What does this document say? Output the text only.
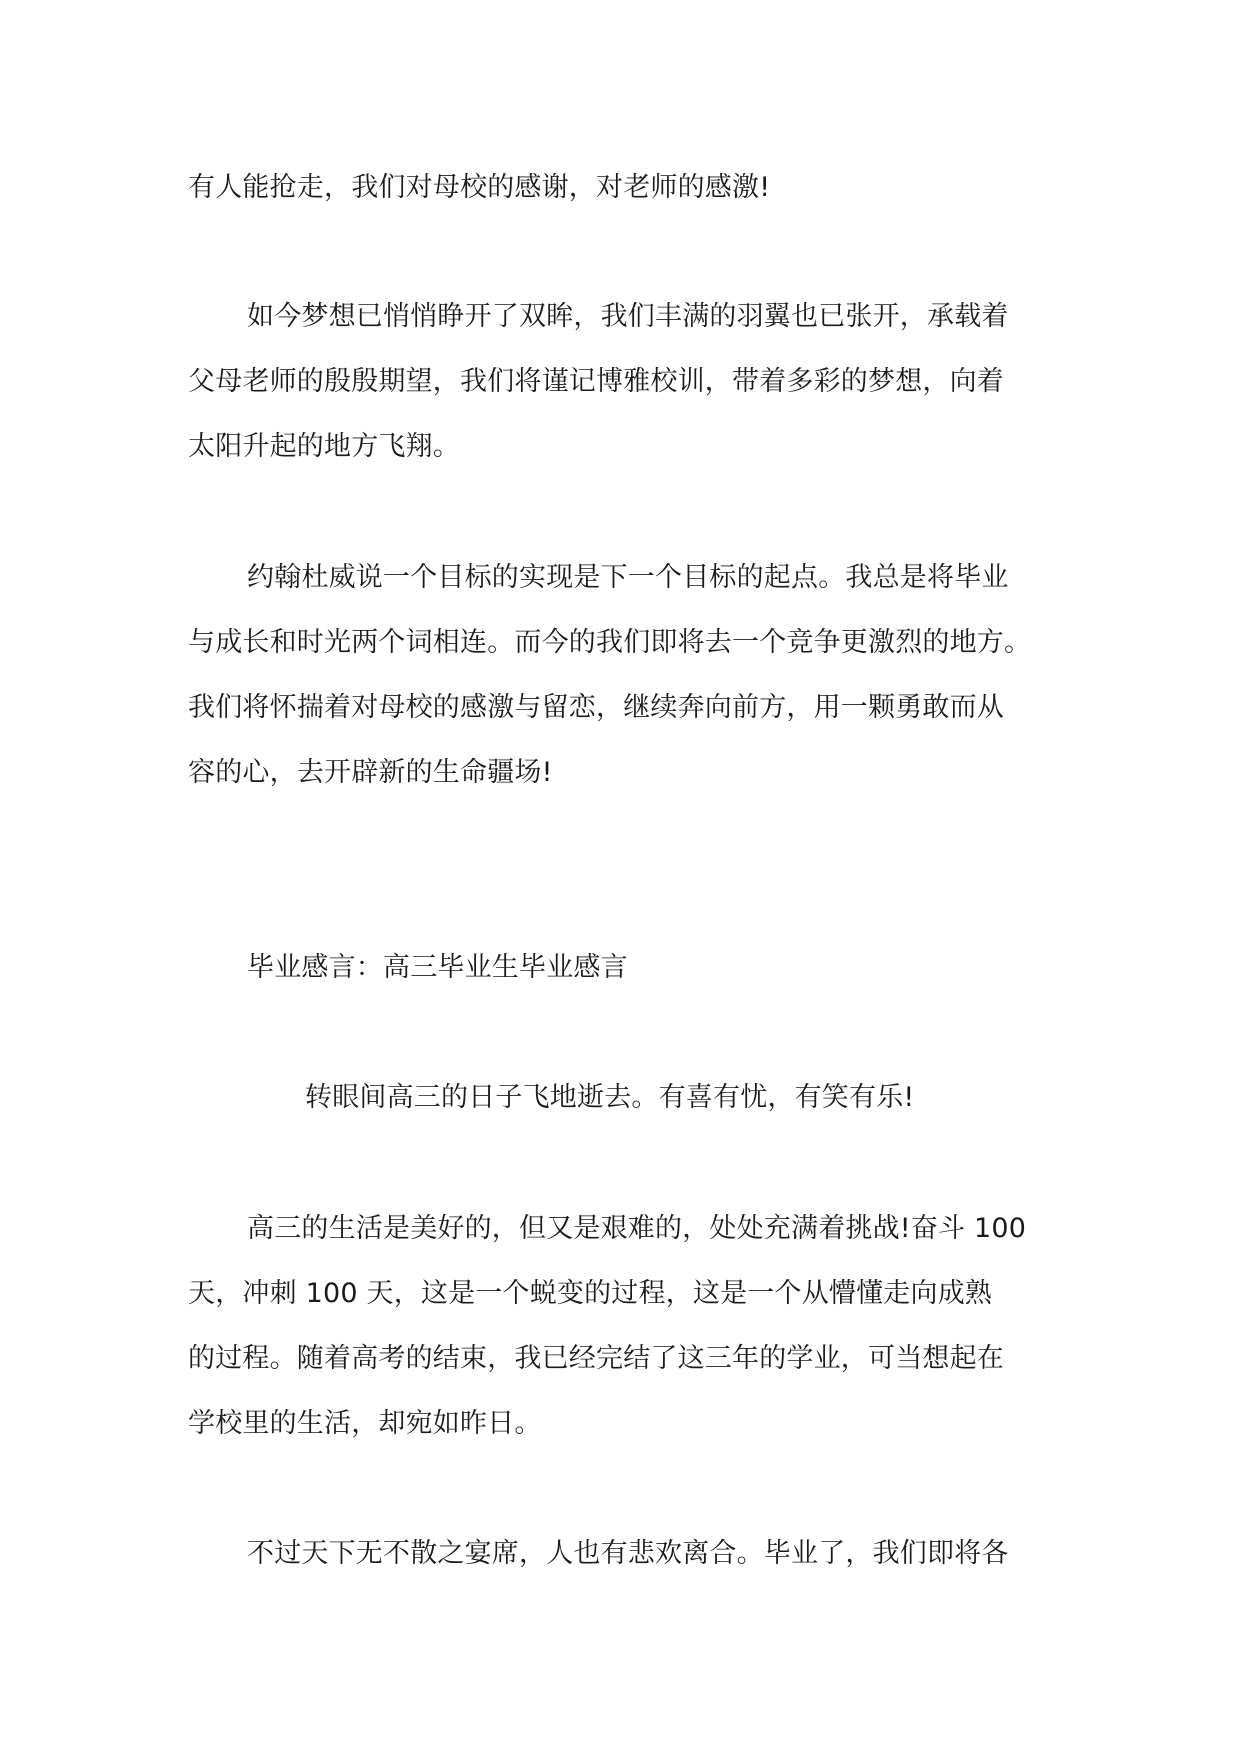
有人能抢走，我们对母校的感谢，对老师的感激!
如今梦想已悄悄睁开了双眸，我们丰满的羽翼也已张开，承载着
父母老师的殷殷期望，我们将谨记博雅校训，带着多彩的梦想，向着
太阳升起的地方飞翔。
约翰杜威说一个目标的实现是下一个目标的起点。我总是将毕业
与成长和时光两个词相连。而今的我们即将去一个竞争更激烈的地方。
我们将怀揣着对母校的感激与留恋，继续奔向前方，用一颗勇敢而从
容的心，去开辟新的生命疆场!
毕业感言：高三毕业生毕业感言
转眼间高三的日子飞地逝去。有喜有忧，有笑有乐!
高三的生活是美好的，但又是艰难的，处处充满着挑战!奋斗 100
天，冲刺 100 天，这是一个蜕变的过程，这是一个从懵懂走向成熟
的过程。随着高考的结束，我已经完结了这三年的学业，可当想起在
学校里的生活，却宛如昨日。
不过天下无不散之宴席，人也有悲欢离合。毕业了，我们即将各
